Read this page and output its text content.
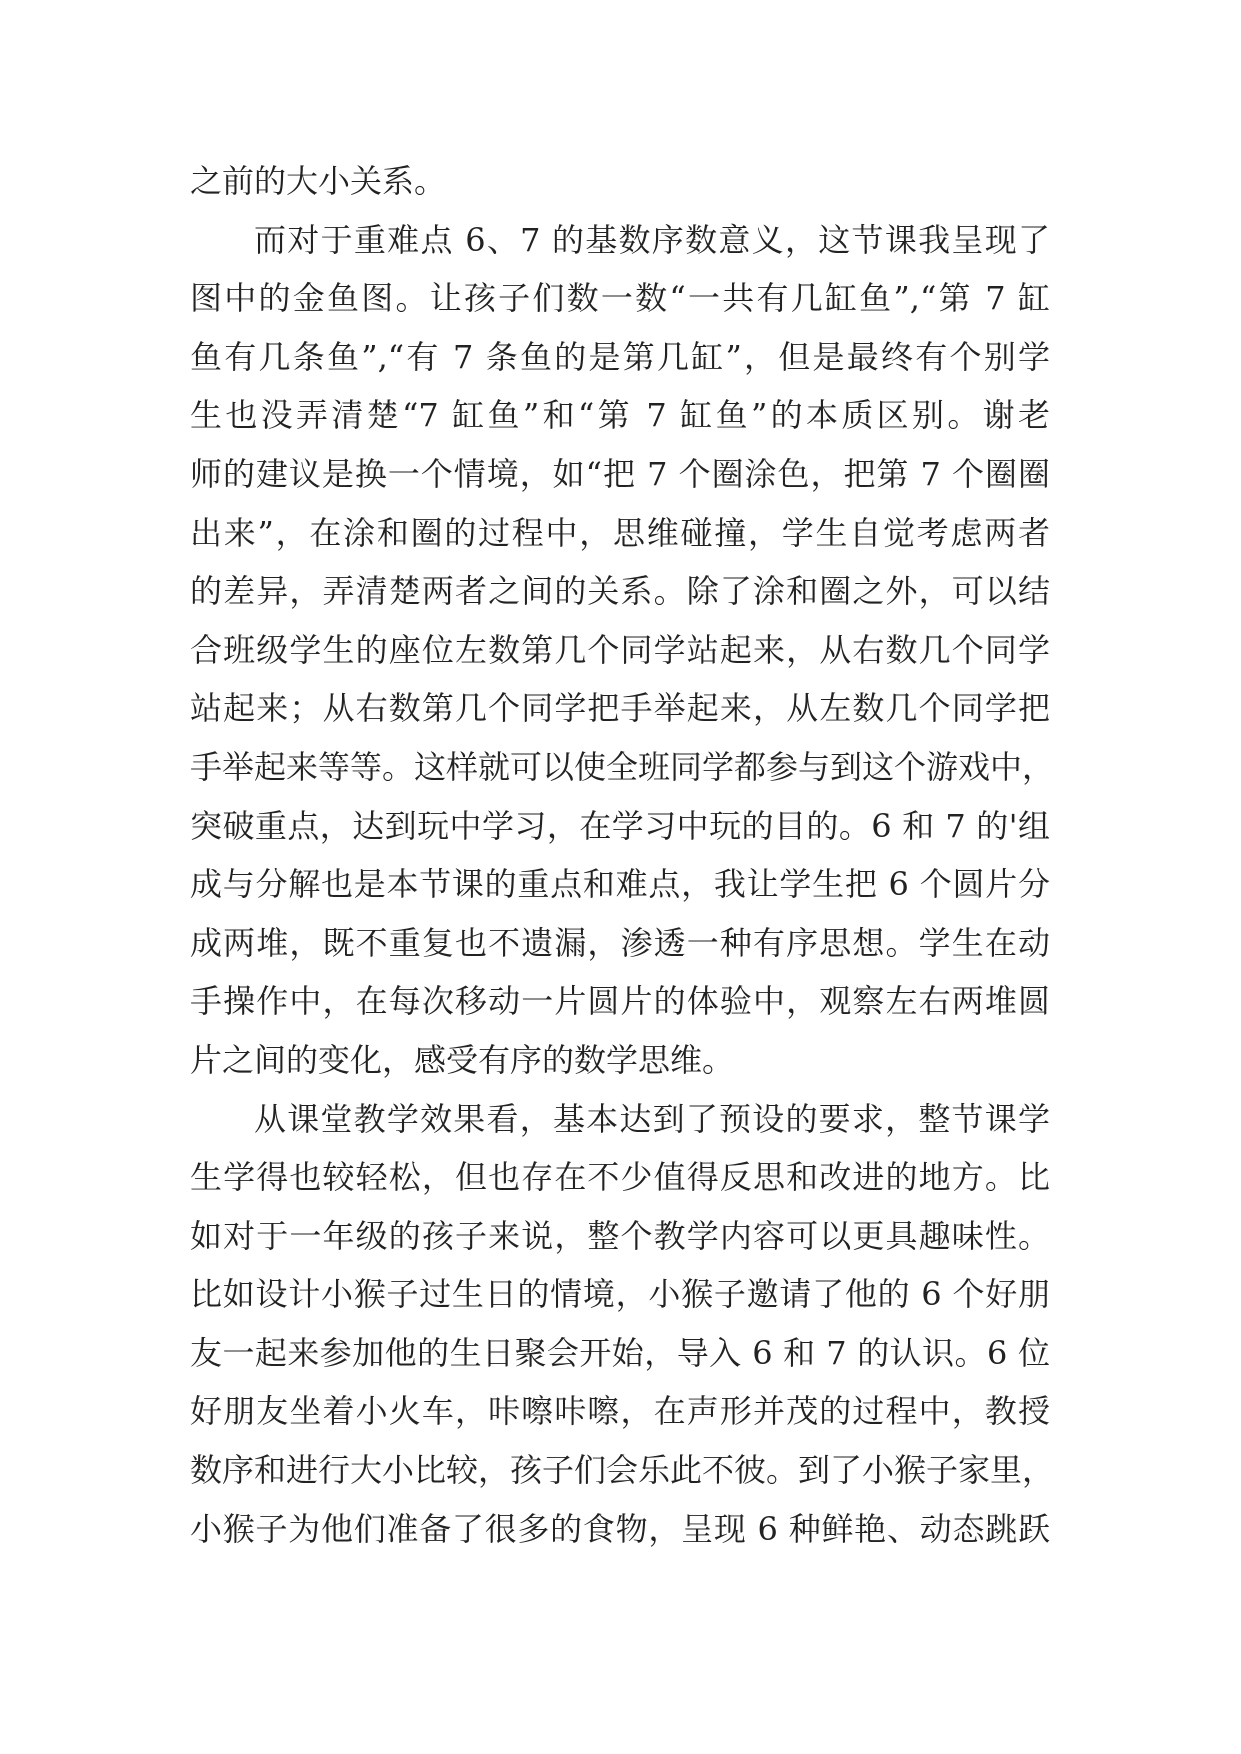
之前的大小关系。
而对于重难点 6、7 的基数序数意义，这节课我呈现了
图中的金鱼图。让孩子们数一数“一共有几缸鱼”,“第 7 缸
鱼有几条鱼”,“有 7 条鱼的是第几缸”，但是最终有个别学
生也没弄清楚“7 缸鱼”和“第 7 缸鱼”的本质区别。谢老
师的建议是换一个情境，如“把 7 个圈涂色，把第 7 个圈圈
出来”，在涂和圈的过程中，思维碰撞，学生自觉考虑两者
的差异，弄清楚两者之间的关系。除了涂和圈之外，可以结
合班级学生的座位左数第几个同学站起来，从右数几个同学
站起来；从右数第几个同学把手举起来，从左数几个同学把
手举起来等等。这样就可以使全班同学都参与到这个游戏中，
突破重点，达到玩中学习，在学习中玩的目的。6 和 7 的'组
成与分解也是本节课的重点和难点，我让学生把 6 个圆片分
成两堆，既不重复也不遗漏，渗透一种有序思想。学生在动
手操作中，在每次移动一片圆片的体验中，观察左右两堆圆
片之间的变化，感受有序的数学思维。
从课堂教学效果看，基本达到了预设的要求，整节课学
生学得也较轻松，但也存在不少值得反思和改进的地方。比
如对于一年级的孩子来说，整个教学内容可以更具趣味性。
比如设计小猴子过生日的情境，小猴子邀请了他的 6 个好朋
友一起来参加他的生日聚会开始，导入 6 和 7 的认识。6 位
好朋友坐着小火车，咔嚓咔嚓，在声形并茂的过程中，教授
数序和进行大小比较，孩子们会乐此不彼。到了小猴子家里，
小猴子为他们准备了很多的食物，呈现 6 种鲜艳、动态跳跃
